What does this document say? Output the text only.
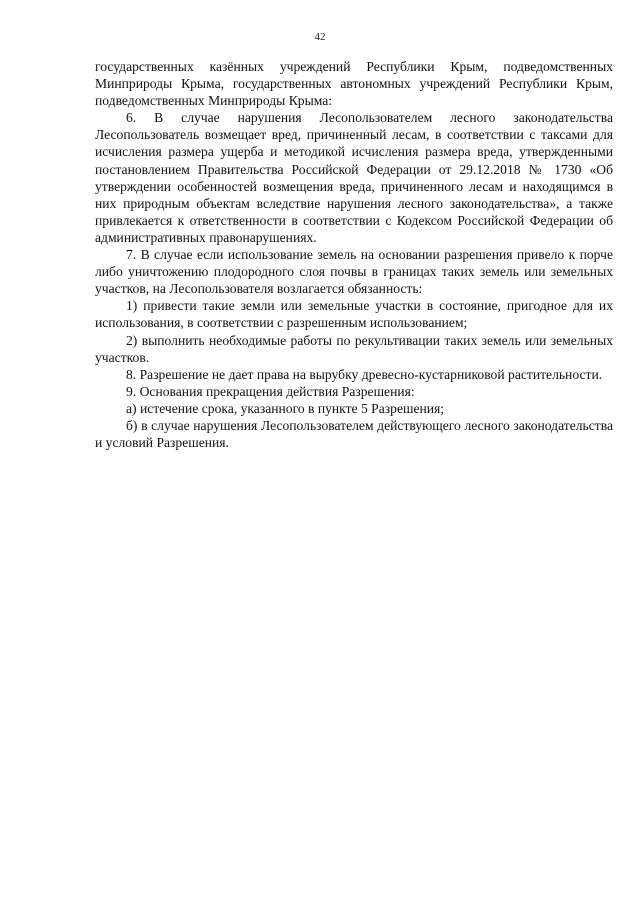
42

государственных казённых учреждений Республики Крым, подведомственных Минприроды Крыма, государственных автономных учреждений Республики Крым, подведомственных Минприроды Крыма:

6. В случае нарушения Лесопользователем лесного законодательства Лесопользователь возмещает вред, причиненный лесам, в соответствии с таксами для исчисления размера ущерба и методикой исчисления размера вреда, утвержденными постановлением Правительства Российской Федерации от 29.12.2018 № 1730 «Об утверждении особенностей возмещения вреда, причиненного лесам и находящимся в них природным объектам вследствие нарушения лесного законодательства», а также привлекается к ответственности в соответствии с Кодексом Российской Федерации об административных правонарушениях.

7. В случае если использование земель на основании разрешения привело к порче либо уничтожению плодородного слоя почвы в границах таких земель или земельных участков, на Лесопользователя возлагается обязанность:

1) привести такие земли или земельные участки в состояние, пригодное для их использования, в соответствии с разрешенным использованием;

2) выполнить необходимые работы по рекультивации таких земель или земельных участков.

8. Разрешение не дает права на вырубку древесно-кустарниковой растительности.

9. Основания прекращения действия Разрешения:

а) истечение срока, указанного в пункте 5 Разрешения;

б) в случае нарушения Лесопользователем действующего лесного законодательства и условий Разрешения.
